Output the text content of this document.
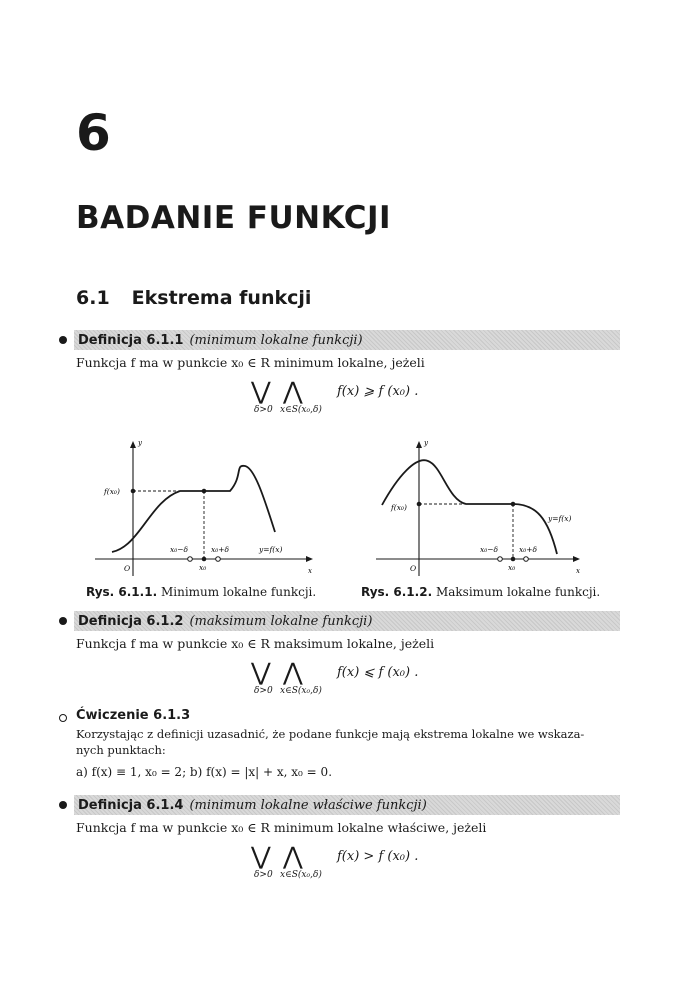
6
BADANIE FUNKCJI
6.1 Ekstrema funkcji
Definicja 6.1.1 (minimum lokalne funkcji)
Funkcja f ma w punkcie x₀ ∈ R minimum lokalne, jeżeli
⋁ ⋀	f(x) ⩾ f (x₀) .
δ>0 x∈S(x₀,δ)
y
x
f(x₀)
O
x₀−δ	x₀+δ	y=f(x)
x₀
Rys. 6.1.1. Minimum lokalne funkcji.
y
x
f(x₀)
O
x₀−δ	x₀+δ
y=f(x)
x₀
Rys. 6.1.2. Maksimum lokalne funkcji.
Definicja 6.1.2 (maksimum lokalne funkcji)
Funkcja f ma w punkcie x₀ ∈ R maksimum lokalne, jeżeli
⋁ ⋀	f(x) ⩽ f (x₀) .
δ>0 x∈S(x₀,δ)
Ćwiczenie 6.1.3
Korzystając z definicji uzasadnić, że podane funkcje mają ekstrema lokalne we wskaza-
nych punktach:
a) f(x) ≡ 1, x₀ = 2; b) f(x) = |x| + x, x₀ = 0.
Definicja 6.1.4 (minimum lokalne właściwe funkcji)
Funkcja f ma w punkcie x₀ ∈ R minimum lokalne właściwe, jeżeli
⋁ ⋀	f(x) > f (x₀) .
δ>0 x∈S(x₀,δ)
